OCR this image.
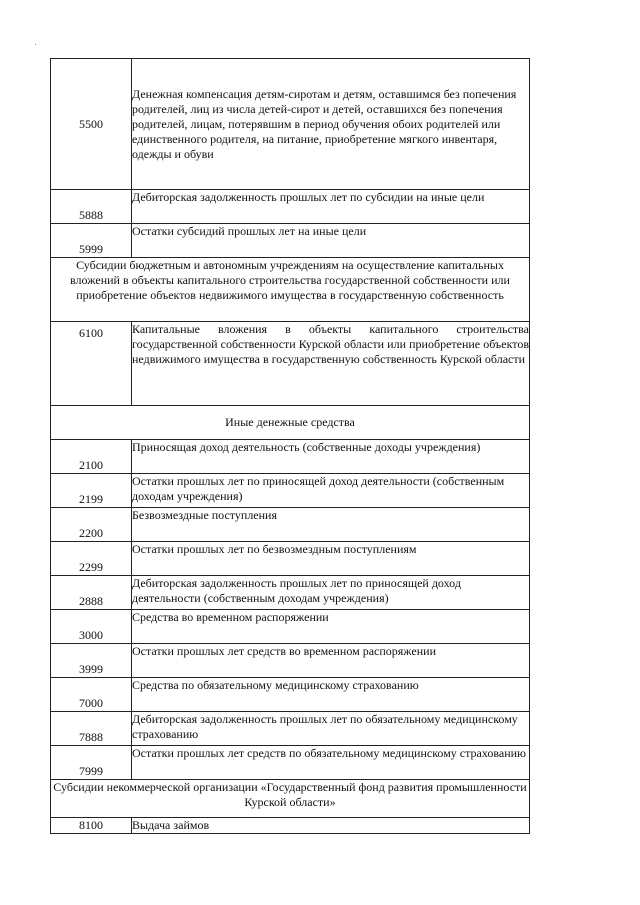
5500	Денежная компенсация детям-сиротам и детям, оставшимся без попечения родителей, лиц из числа детей-сирот и детей, оставшихся без попечения родителей, лицам, потерявшим в период обучения обоих родителей или единственного родителя, на питание, приобретение мягкого инвентаря, одежды и обуви
5888	Дебиторская задолженность прошлых лет по субсидии на иные цели
5999	Остатки субсидий прошлых лет на иные цели
Субсидии бюджетным и автономным учреждениям на осуществление капитальных вложений в объекты капитального строительства государственной собственности или приобретение объектов недвижимого имущества в государственную собственность	
6100	Капитальные вложения в объекты капитального строительства государственной собственности Курской области или приобретение объектов недвижимого имущества в государственную собственность Курской области
Иные денежные средства	
2100	Приносящая доход деятельность (собственные доходы учреждения)
2199	Остатки прошлых лет по приносящей доход деятельности (собственным доходам учреждения)
2200	Безвозмездные поступления
2299	Остатки прошлых лет по безвозмездным поступлениям
2888	Дебиторская задолженность прошлых лет по приносящей доход деятельности (собственным доходам учреждения)
3000	Средства во временном распоряжении
3999	Остатки прошлых лет средств во временном распоряжении
7000	Средства по обязательному медицинскому страхованию
7888	Дебиторская задолженность прошлых лет по обязательному медицинскому страхованию
7999	Остатки прошлых лет средств по обязательному медицинскому страхованию
Субсидии некоммерческой организации «Государственный фонд развития промышленности Курской области»	
8100	Выдача займов
